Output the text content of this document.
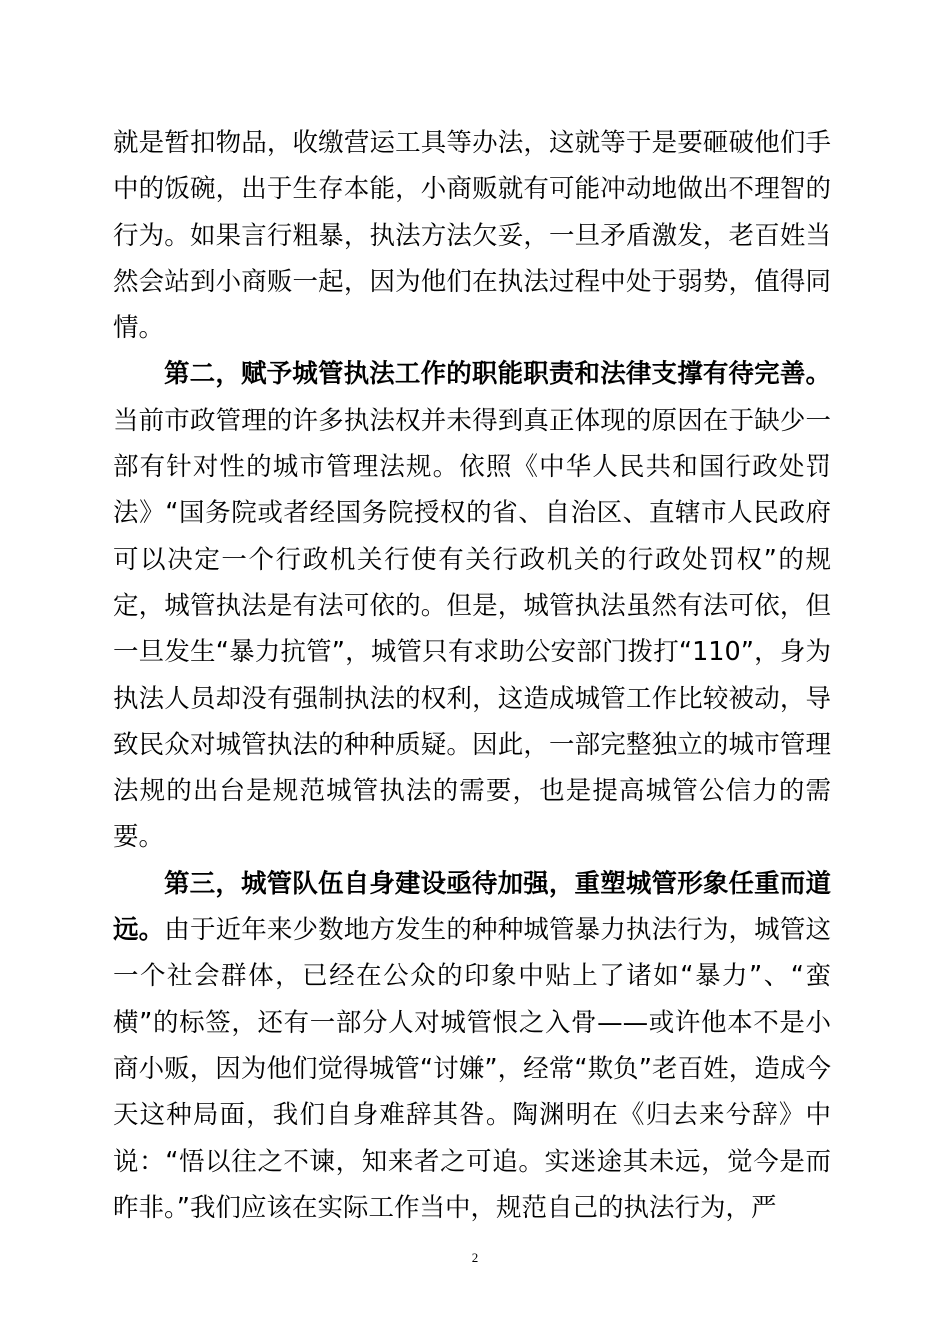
就是暂扣物品，收缴营运工具等办法，这就等于是要砸破他们手中的饭碗，出于生存本能，小商贩就有可能冲动地做出不理智的行为。如果言行粗暴，执法方法欠妥，一旦矛盾激发，老百姓当然会站到小商贩一起，因为他们在执法过程中处于弱势，值得同情。

第二，赋予城管执法工作的职能职责和法律支撑有待完善。当前市政管理的许多执法权并未得到真正体现的原因在于缺少一部有针对性的城市管理法规。依照《中华人民共和国行政处罚法》“国务院或者经国务院授权的省、自治区、直辖市人民政府可以决定一个行政机关行使有关行政机关的行政处罚权”的规定，城管执法是有法可依的。但是，城管执法虽然有法可依，但一旦发生“暴力抗管”，城管只有求助公安部门拨打“110”，身为执法人员却没有强制执法的权利，这造成城管工作比较被动，导致民众对城管执法的种种质疑。因此，一部完整独立的城市管理法规的出台是规范城管执法的需要，也是提高城管公信力的需要。

第三，城管队伍自身建设亟待加强，重塑城管形象任重而道远。由于近年来少数地方发生的种种城管暴力执法行为，城管这一个社会群体，已经在公众的印象中贴上了诸如“暴力”、“蛮横”的标签，还有一部分人对城管恨之入骨——或许他本不是小商小贩，因为他们觉得城管“讨嫌”，经常“欺负”老百姓，造成今天这种局面，我们自身难辞其咎。陶渊明在《归去来兮辞》中说：“悟以往之不谏，知来者之可追。实迷途其未远，觉今是而昨非。”我们应该在实际工作当中，规范自己的执法行为，严

2
